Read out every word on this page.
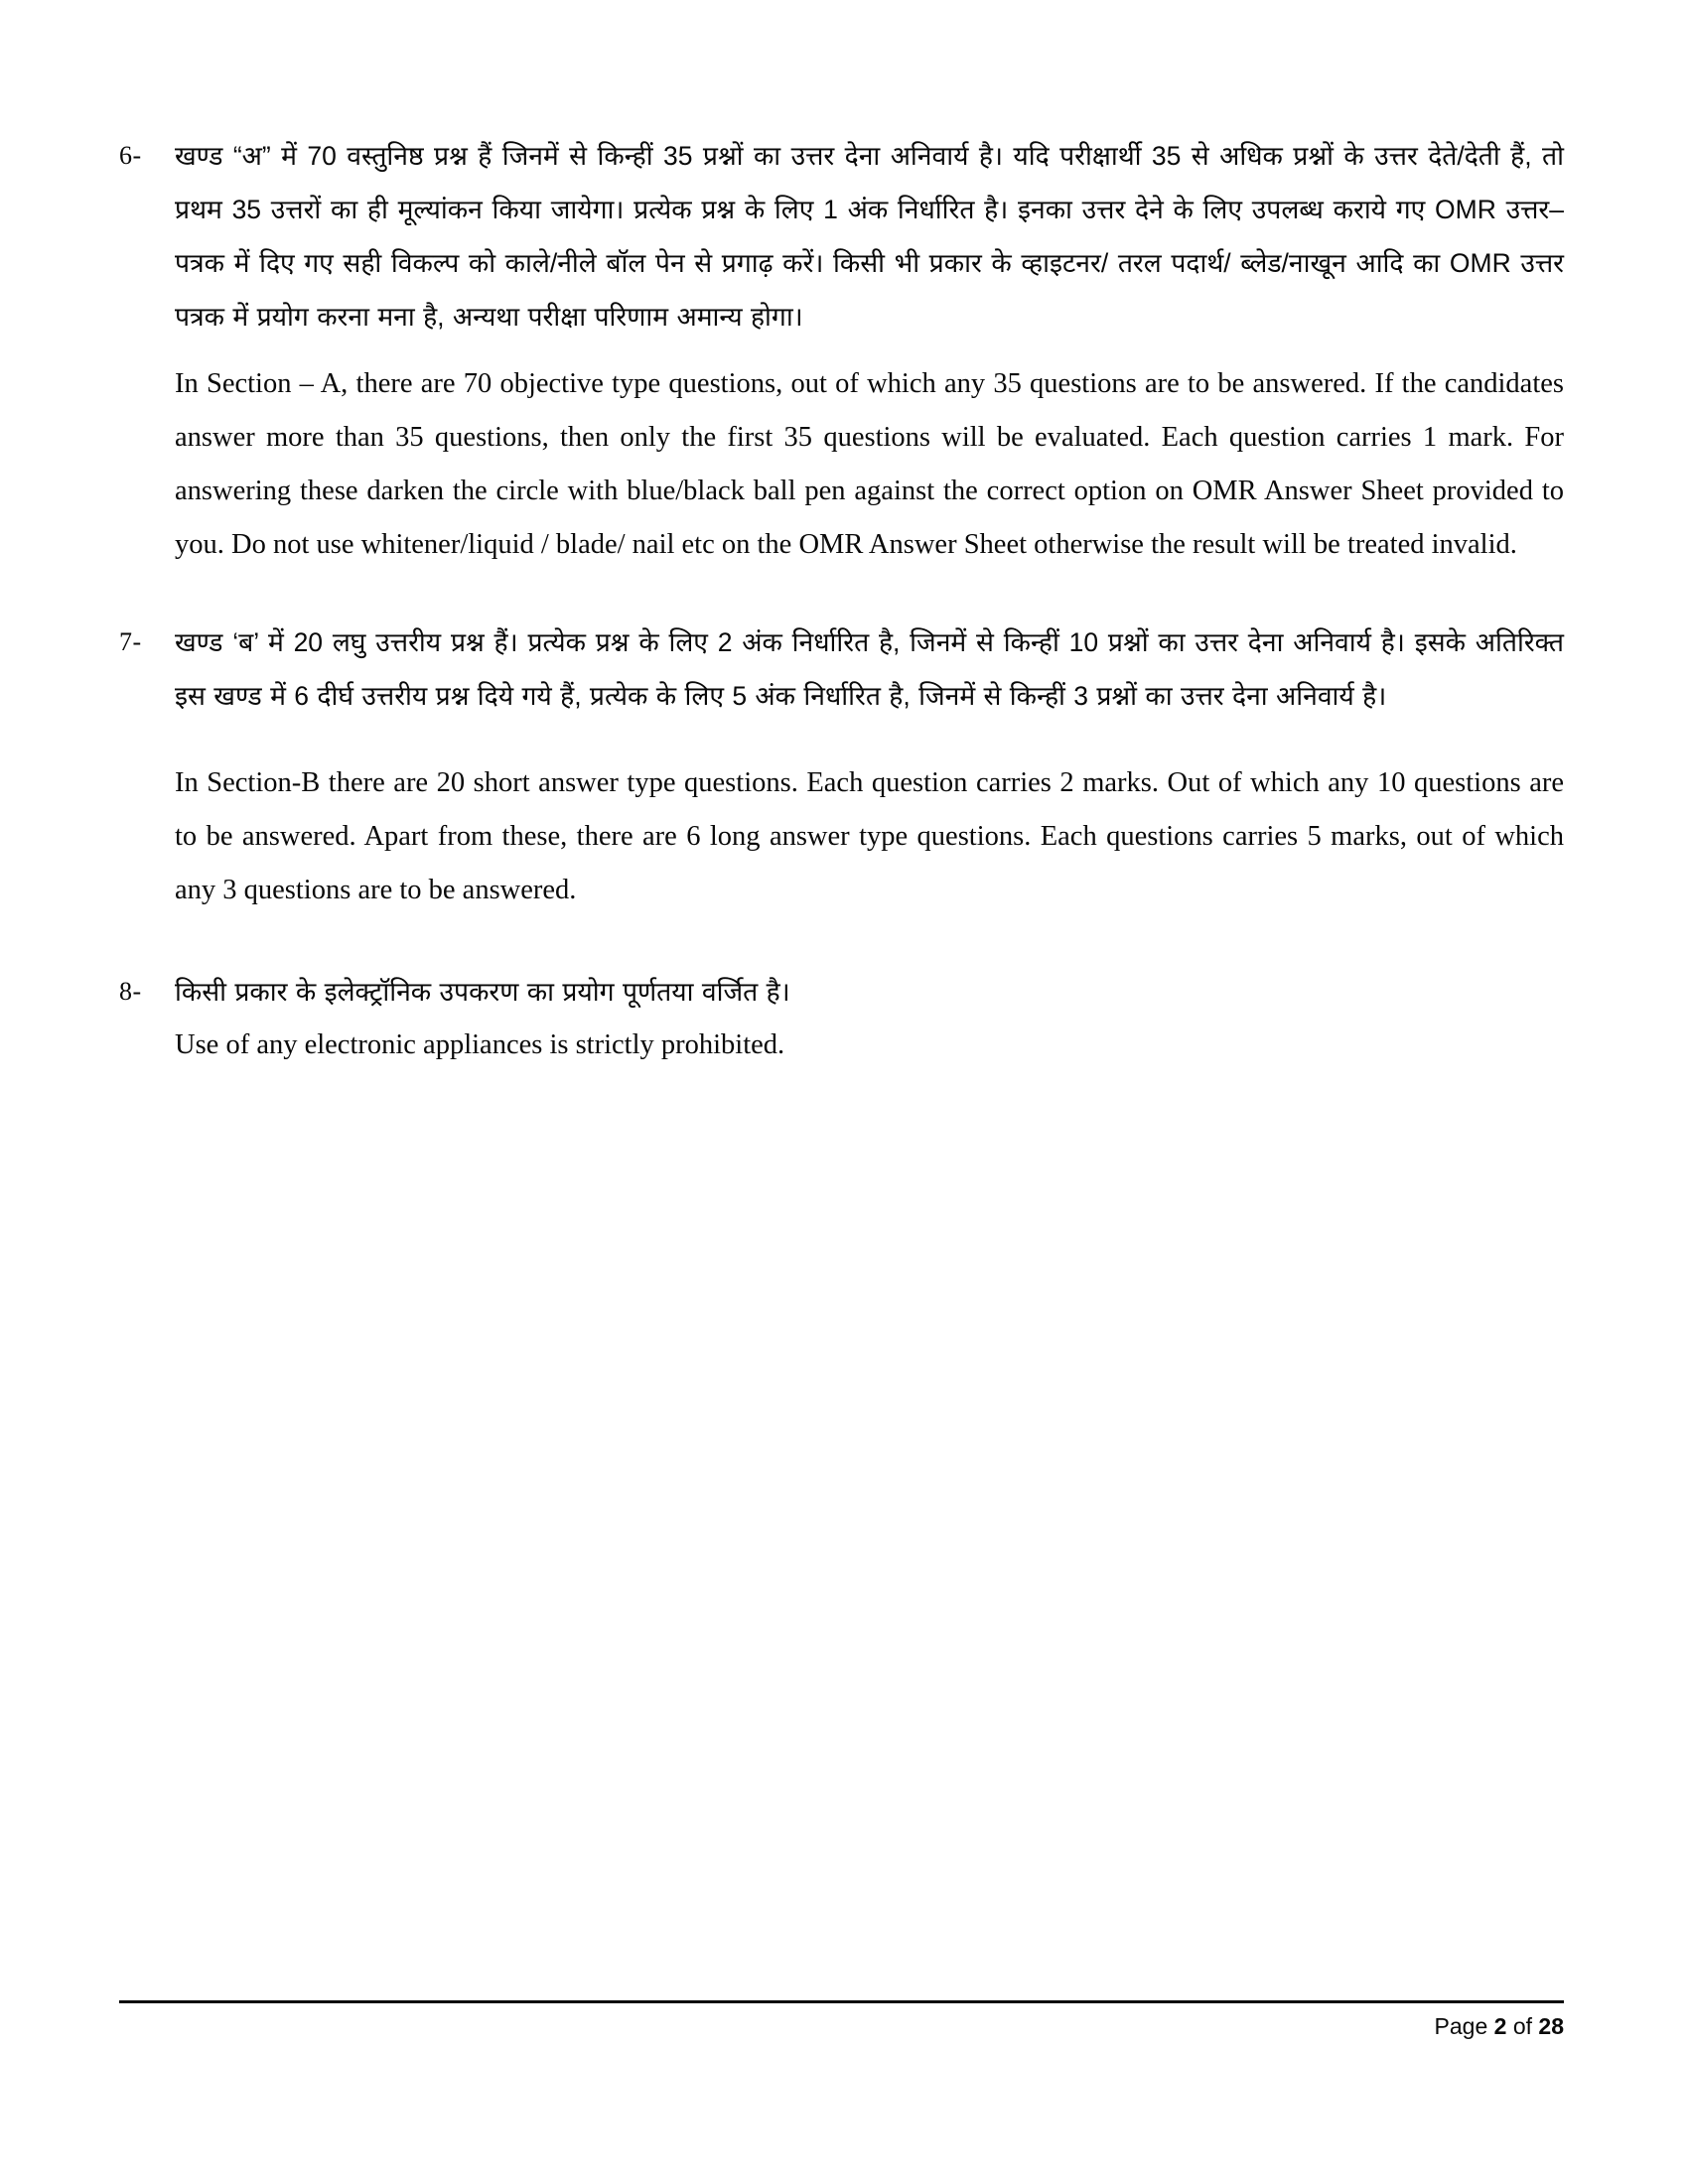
6-	खण्ड “अ” में 70 वस्तुनिष्ठ प्रश्न हैं जिनमें से किन्हीं 35 प्रश्नों का उत्तर देना अनिवार्य है। यदि परीक्षार्थी 35 से अधिक प्रश्नों के उत्तर देते/देती हैं, तो प्रथम 35 उत्तरों का ही मूल्यांकन किया जायेगा। प्रत्येक प्रश्न के लिए 1 अंक निर्धारित है। इनका उत्तर देने के लिए उपलब्ध कराये गए OMR उत्तर–पत्रक में दिए गए सही विकल्प को काले/नीले बॉल पेन से प्रगाढ़ करें। किसी भी प्रकार के व्हाइटनर/ तरल पदार्थ/ ब्लेड/नाखून आदि का OMR उत्तर पत्रक में प्रयोग करना मना है, अन्यथा परीक्षा परिणाम अमान्य होगा।

In Section – A, there are 70 objective type questions, out of which any 35 questions are to be answered. If the candidates answer more than 35 questions, then only the first 35 questions will be evaluated. Each question carries 1 mark. For answering these darken the circle with blue/black ball pen against the correct option on OMR Answer Sheet provided to you. Do not use whitener/liquid / blade/ nail etc on the OMR Answer Sheet otherwise the result will be treated invalid.

7-	खण्ड ‘ब’ में 20 लघु उत्तरीय प्रश्न हैं। प्रत्येक प्रश्न के लिए 2 अंक निर्धारित है, जिनमें से किन्हीं 10 प्रश्नों का उत्तर देना अनिवार्य है। इसके अतिरिक्त इस खण्ड में 6 दीर्घ उत्तरीय प्रश्न दिये गये हैं, प्रत्येक के लिए 5 अंक निर्धारित है, जिनमें से किन्हीं 3 प्रश्नों का उत्तर देना अनिवार्य है।

In Section-B there are 20 short answer type questions. Each question carries 2 marks. Out of which any 10 questions are to be answered. Apart from these, there are 6 long answer type questions. Each questions carries 5 marks, out of which any 3 questions are to be answered.

8-	किसी प्रकार के इलेक्ट्रॉनिक उपकरण का प्रयोग पूर्णतया वर्जित है।

Use of any electronic appliances is strictly prohibited.

Page 2 of 28
